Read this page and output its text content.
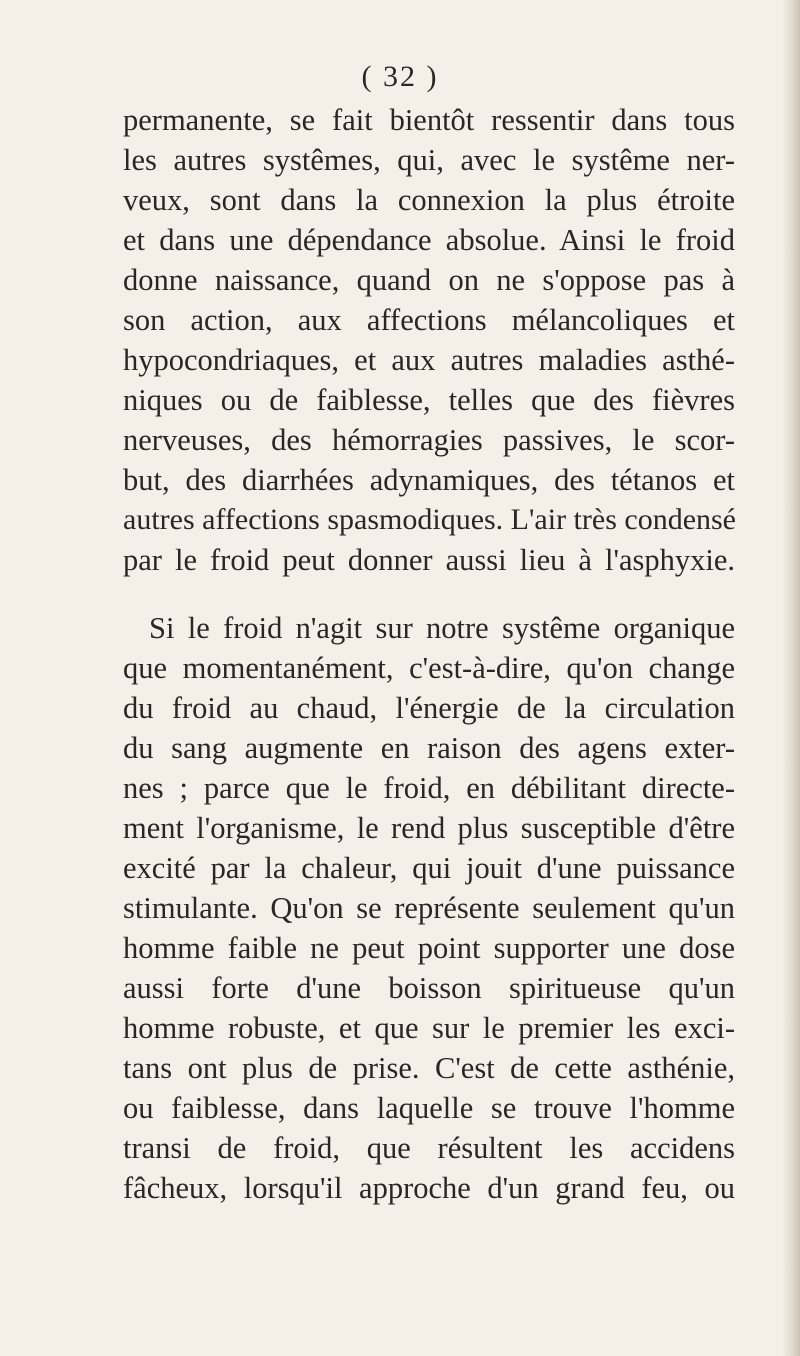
( 32 )
permanente, se fait bientôt ressentir dans tous
les autres systêmes, qui, avec le systême ner-
veux, sont dans la connexion la plus étroite
et dans une dépendance absolue. Ainsi le froid
donne naissance, quand on ne s'oppose pas à
son action, aux affections mélancoliques et
hypocondriaques, et aux autres maladies asthé-
niques ou de faiblesse, telles que des fièvres
nerveuses, des hémorragies passives, le scor-
but, des diarrhées adynamiques, des tétanos et
autres affections spasmodiques. L'air très condensé
par le froid peut donner aussi lieu à l'asphyxie.
Si le froid n'agit sur notre systême organique
que momentanément, c'est-à-dire, qu'on change
du froid au chaud, l'énergie de la circulation
du sang augmente en raison des agens exter-
nes ; parce que le froid, en débilitant directe-
ment l'organisme, le rend plus susceptible d'être
excité par la chaleur, qui jouit d'une puissance
stimulante. Qu'on se représente seulement qu'un
homme faible ne peut point supporter une dose
aussi forte d'une boisson spiritueuse qu'un
homme robuste, et que sur le premier les exci-
tans ont plus de prise. C'est de cette asthénie,
ou faiblesse, dans laquelle se trouve l'homme
transi de froid, que résultent les accidens
fâcheux, lorsqu'il approche d'un grand feu, ou
